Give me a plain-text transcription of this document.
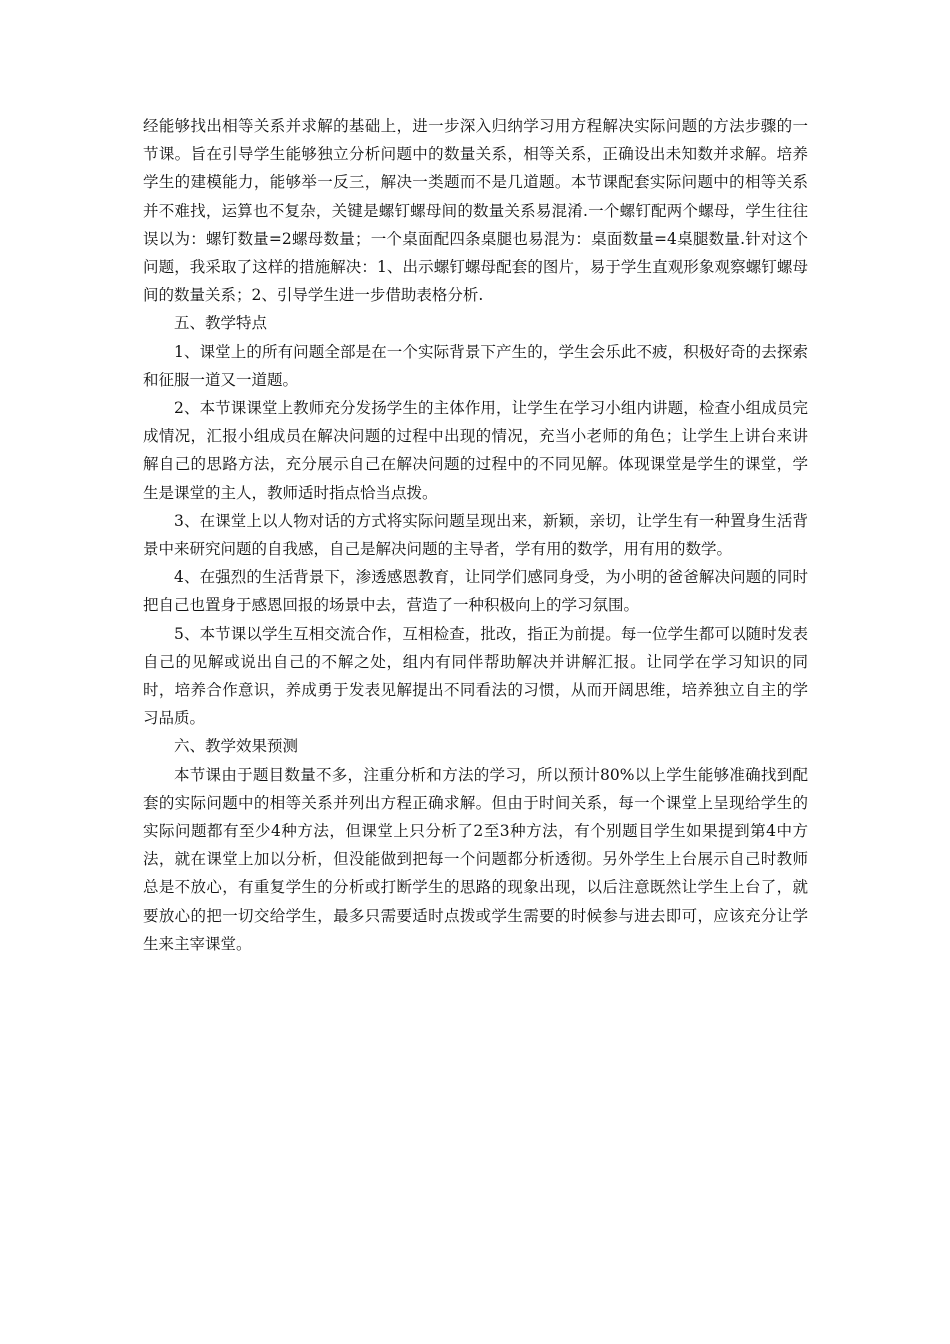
经能够找出相等关系并求解的基础上，进一步深入归纳学习用方程解决实际问题的方法步骤的一节课。旨在引导学生能够独立分析问题中的数量关系，相等关系，正确设出未知数并求解。培养学生的建模能力，能够举一反三，解决一类题而不是几道题。本节课配套实际问题中的相等关系并不难找，运算也不复杂，关键是螺钉螺母间的数量关系易混淆.一个螺钉配两个螺母，学生往往误以为：螺钉数量=2螺母数量；一个桌面配四条桌腿也易混为：桌面数量=4桌腿数量.针对这个问题，我采取了这样的措施解决：1、出示螺钉螺母配套的图片，易于学生直观形象观察螺钉螺母间的数量关系；2、引导学生进一步借助表格分析.

五、教学特点

1、课堂上的所有问题全部是在一个实际背景下产生的，学生会乐此不疲，积极好奇的去探索和征服一道又一道题。

2、本节课课堂上教师充分发扬学生的主体作用，让学生在学习小组内讲题，检查小组成员完成情况，汇报小组成员在解决问题的过程中出现的情况，充当小老师的角色；让学生上讲台来讲解自己的思路方法，充分展示自己在解决问题的过程中的不同见解。体现课堂是学生的课堂，学生是课堂的主人，教师适时指点恰当点拨。

3、在课堂上以人物对话的方式将实际问题呈现出来，新颖，亲切，让学生有一种置身生活背景中来研究问题的自我感，自己是解决问题的主导者，学有用的数学，用有用的数学。

4、在强烈的生活背景下，渗透感恩教育，让同学们感同身受，为小明的爸爸解决问题的同时把自己也置身于感恩回报的场景中去，营造了一种积极向上的学习氛围。

5、本节课以学生互相交流合作，互相检查，批改，指正为前提。每一位学生都可以随时发表自己的见解或说出自己的不解之处，组内有同伴帮助解决并讲解汇报。让同学在学习知识的同时，培养合作意识，养成勇于发表见解提出不同看法的习惯，从而开阔思维，培养独立自主的学习品质。

六、教学效果预测

本节课由于题目数量不多，注重分析和方法的学习，所以预计80%以上学生能够准确找到配套的实际问题中的相等关系并列出方程正确求解。但由于时间关系，每一个课堂上呈现给学生的实际问题都有至少4种方法，但课堂上只分析了2至3种方法，有个别题目学生如果提到第4中方法，就在课堂上加以分析，但没能做到把每一个问题都分析透彻。另外学生上台展示自己时教师总是不放心，有重复学生的分析或打断学生的思路的现象出现，以后注意既然让学生上台了，就要放心的把一切交给学生，最多只需要适时点拨或学生需要的时候参与进去即可，应该充分让学生来主宰课堂。
